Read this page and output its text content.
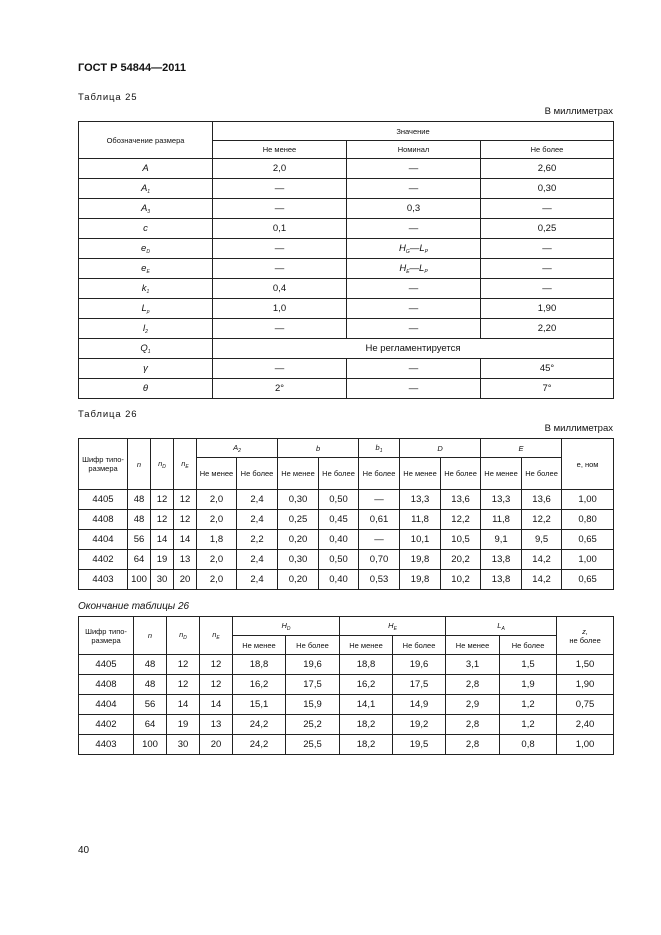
ГОСТ Р 54844—2011
Таблица 25
В миллиметрах
Обозначение размера	Значение		
	Не менее	Номинал	Не более
A	2,0	—	2,60
$A_1$	—	—	0,30
$A_3$	—	0,3	—
c	0,1	—	0,25
$e_D$	—	$H_G—L_P$	—
$e_E$	—	$H_E—L_P$	—
$k_1$	0,4	—	—
$L_p$	1,0	—	1,90
$l_2$	—	—	2,20
$Q_1$	Не регламентируется		
γ	—	—	45°
θ	2°	—	7°
Таблица 26
В миллиметрах
Шифр типо-размера	n	$n_D$	$n_E$	$A_2$		b		$b_1$	D		E		e, ном
				Не менее	Не более	Не менее	Не более	Не более	Не менее	Не более	Не менее	Не более	
4405	48	12	12	2,0	2,4	0,30	0,50	—	13,3	13,6	13,3	13,6	1,00
4408	48	12	12	2,0	2,4	0,25	0,45	0,61	11,8	12,2	11,8	12,2	0,80
4404	56	14	14	1,8	2,2	0,20	0,40	—	10,1	10,5	9,1	9,5	0,65
4402	64	19	13	2,0	2,4	0,30	0,50	0,70	19,8	20,2	13,8	14,2	1,00
4403	100	30	20	2,0	2,4	0,20	0,40	0,53	19,8	10,2	13,8	14,2	0,65
Окончание таблицы 26
Шифр типо-размера	n	$n_D$	$n_E$	$H_D$		$H_E$		$L_A$		z,
не более	

				Не менее	Не более	Не менее	Не более	Не менее	Не более		
4405	48	12	12	18,8	19,6	18,8	19,6	3,1	1,5	1,50	
4408	48	12	12	16,2	17,5	16,2	17,5	2,8	1,9	1,90	
4404	56	14	14	15,1	15,9	14,1	14,9	2,9	1,2	0,75	
4402	64	19	13	24,2	25,2	18,2	19,2	2,8	1,2	2,40	
4403	100	30	20	24,2	25,5	18,2	19,5	2,8	0,8	1,00	
40
